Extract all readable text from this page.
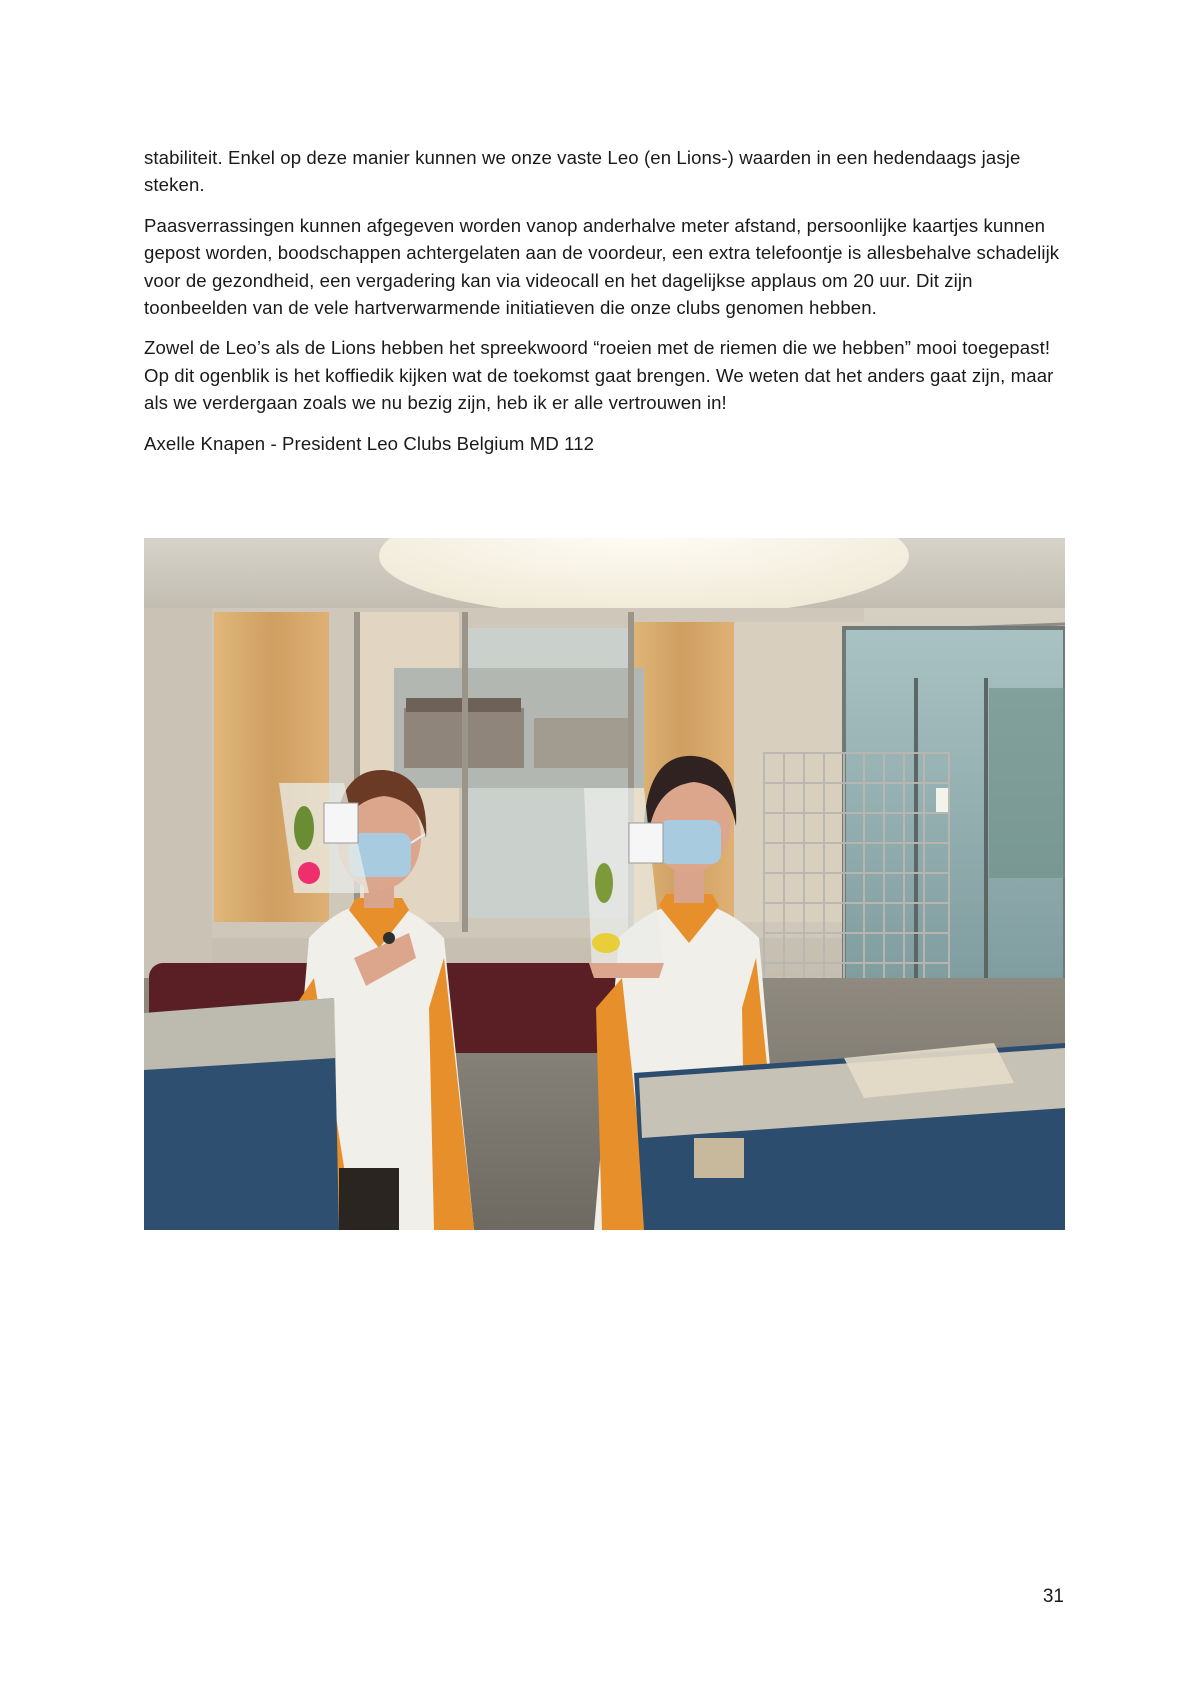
stabiliteit. Enkel op deze manier kunnen we onze vaste Leo (en Lions-) waarden in een hedendaags jasje steken.

Paasverrassingen kunnen afgegeven worden vanop anderhalve meter afstand, persoonlijke kaartjes kunnen gepost worden, boodschappen achtergelaten aan de voordeur, een extra telefoontje is allesbehalve schadelijk voor de gezondheid, een vergadering kan via videocall en het dagelijkse applaus om 20 uur. Dit zijn toonbeelden van de vele hartverwarmende initiatieven die onze clubs genomen hebben.

Zowel de Leo’s als de Lions hebben het spreekwoord “roeien met de riemen die we hebben” mooi toegepast! Op dit ogenblik is het koffiedik kijken wat de toekomst gaat brengen. We weten dat het anders gaat zijn, maar als we verdergaan zoals we nu bezig zijn, heb ik er alle vertrouwen in!

Axelle Knapen - President Leo Clubs Belgium MD 112

31
